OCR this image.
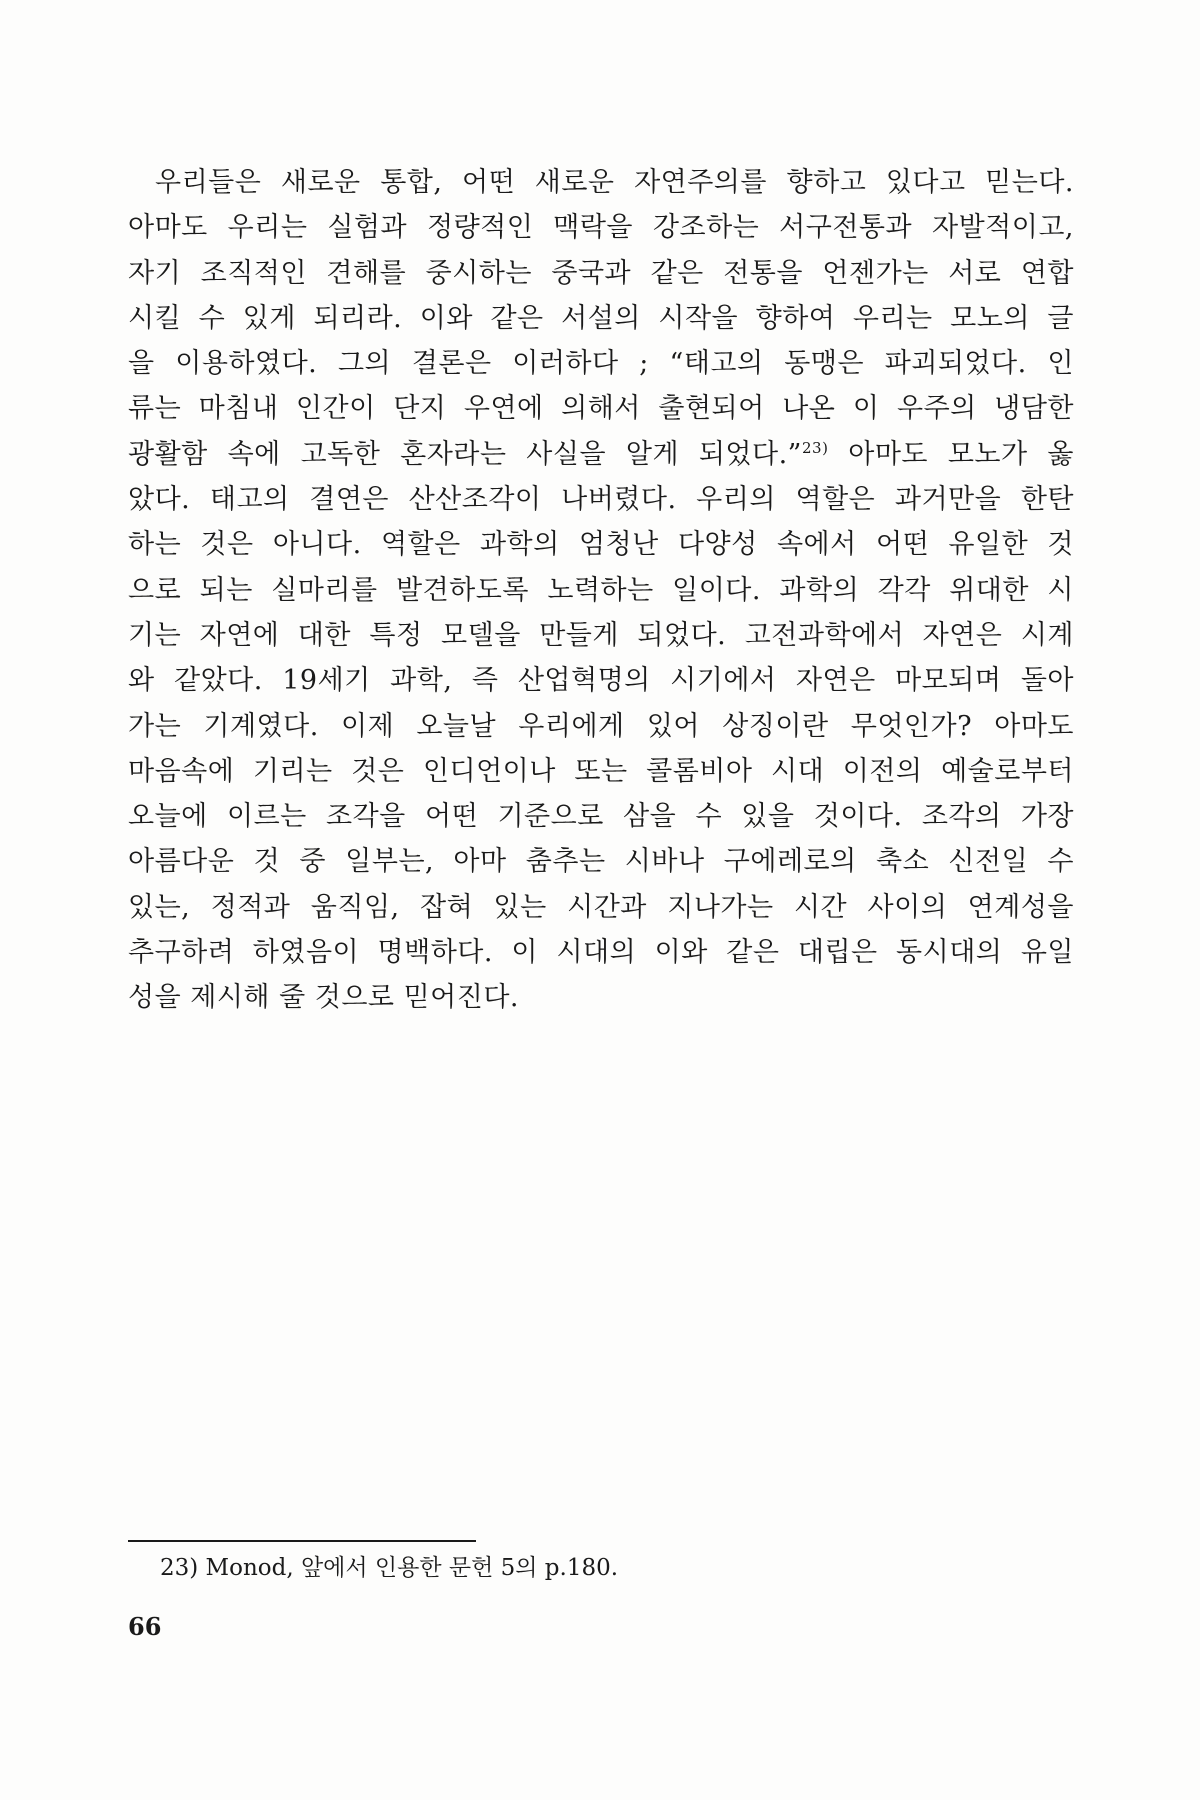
우리들은 새로운 통합, 어떤 새로운 자연주의를 향하고 있다고 믿는다.
아마도 우리는 실험과 정량적인 맥락을 강조하는 서구전통과 자발적이고,
자기 조직적인 견해를 중시하는 중국과 같은 전통을 언젠가는 서로 연합
시킬 수 있게 되리라. 이와 같은 서설의 시작을 향하여 우리는 모노의 글
을 이용하였다. 그의 결론은 이러하다 ; “태고의 동맹은 파괴되었다. 인
류는 마침내 인간이 단지 우연에 의해서 출현되어 나온 이 우주의 냉담한
광활함 속에 고독한 혼자라는 사실을 알게 되었다.”$^{23)}$ 아마도 모노가 옳
았다. 태고의 결연은 산산조각이 나버렸다. 우리의 역할은 과거만을 한탄
하는 것은 아니다. 역할은 과학의 엄청난 다양성 속에서 어떤 유일한 것
으로 되는 실마리를 발견하도록 노력하는 일이다. 과학의 각각 위대한 시
기는 자연에 대한 특정 모델을 만들게 되었다. 고전과학에서 자연은 시계
와 같았다. 19세기 과학, 즉 산업혁명의 시기에서 자연은 마모되며 돌아
가는 기계였다. 이제 오늘날 우리에게 있어 상징이란 무엇인가? 아마도
마음속에 기리는 것은 인디언이나 또는 콜롬비아 시대 이전의 예술로부터
오늘에 이르는 조각을 어떤 기준으로 삼을 수 있을 것이다. 조각의 가장
아름다운 것 중 일부는, 아마 춤추는 시바나 구에레로의 축소 신전일 수
있는, 정적과 움직임, 잡혀 있는 시간과 지나가는 시간 사이의 연계성을
추구하려 하였음이 명백하다. 이 시대의 이와 같은 대립은 동시대의 유일
성을 제시해 줄 것으로 믿어진다.
23) Monod, 앞에서 인용한 문헌 5의 p.180.
66
